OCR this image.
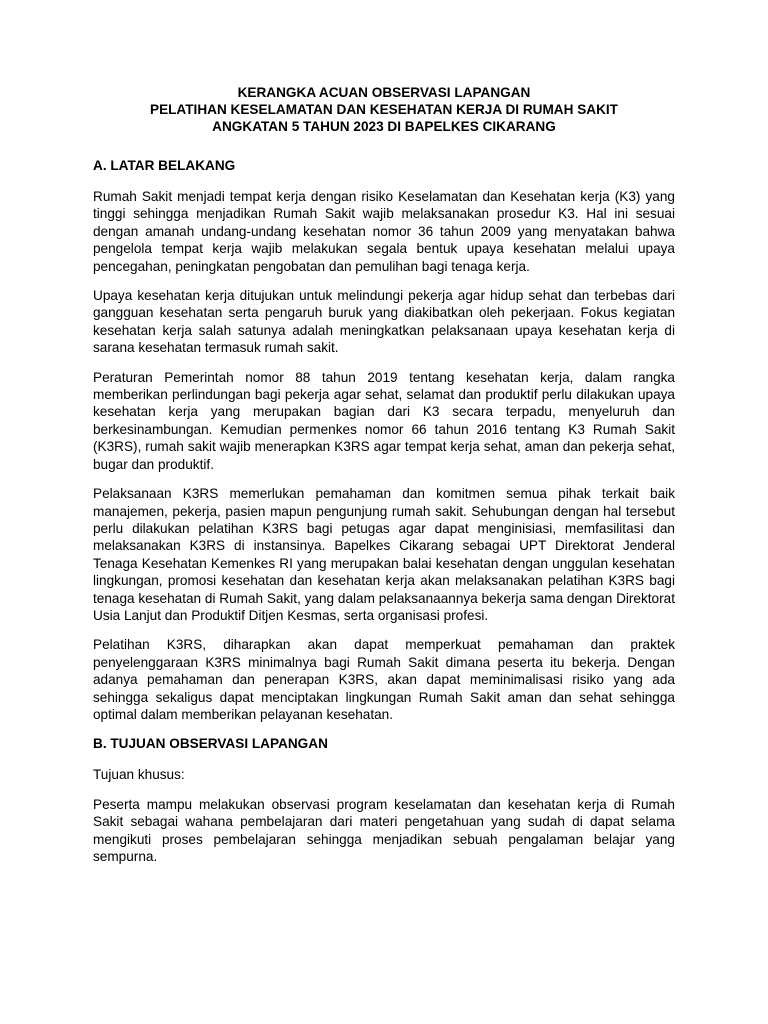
KERANGKA ACUAN OBSERVASI LAPANGAN
PELATIHAN KESELAMATAN DAN KESEHATAN KERJA DI RUMAH SAKIT
ANGKATAN 5 TAHUN 2023 DI BAPELKES CIKARANG
A. LATAR BELAKANG

Rumah Sakit menjadi tempat kerja dengan risiko Keselamatan dan Kesehatan kerja (K3) yang tinggi sehingga menjadikan Rumah Sakit wajib melaksanakan prosedur K3. Hal ini sesuai dengan amanah undang-undang kesehatan nomor 36 tahun 2009 yang menyatakan bahwa pengelola tempat kerja wajib melakukan segala bentuk upaya kesehatan melalui upaya pencegahan, peningkatan pengobatan dan pemulihan bagi tenaga kerja.

Upaya kesehatan kerja ditujukan untuk melindungi pekerja agar hidup sehat dan terbebas dari gangguan kesehatan serta pengaruh buruk yang diakibatkan oleh pekerjaan. Fokus kegiatan kesehatan kerja salah satunya adalah meningkatkan pelaksanaan upaya kesehatan kerja di sarana kesehatan termasuk rumah sakit.

Peraturan Pemerintah nomor 88 tahun 2019 tentang kesehatan kerja, dalam rangka memberikan perlindungan bagi pekerja agar sehat, selamat dan produktif perlu dilakukan upaya kesehatan kerja yang merupakan bagian dari K3 secara terpadu, menyeluruh dan berkesinambungan. Kemudian permenkes nomor 66 tahun 2016 tentang K3 Rumah Sakit (K3RS), rumah sakit wajib menerapkan K3RS agar tempat kerja sehat, aman dan pekerja sehat, bugar dan produktif.

Pelaksanaan K3RS memerlukan pemahaman dan komitmen semua pihak terkait baik manajemen, pekerja, pasien mapun pengunjung rumah sakit. Sehubungan dengan hal tersebut perlu dilakukan pelatihan K3RS bagi petugas agar dapat menginisiasi, memfasilitasi dan melaksanakan K3RS di instansinya. Bapelkes Cikarang sebagai UPT Direktorat Jenderal Tenaga Kesehatan Kemenkes RI yang merupakan balai kesehatan dengan unggulan kesehatan lingkungan, promosi kesehatan dan kesehatan kerja akan melaksanakan pelatihan K3RS bagi tenaga kesehatan di Rumah Sakit, yang dalam pelaksanaannya bekerja sama dengan Direktorat Usia Lanjut dan Produktif Ditjen Kesmas, serta organisasi profesi.

Pelatihan K3RS, diharapkan akan dapat memperkuat pemahaman dan praktek penyelenggaraan K3RS minimalnya bagi Rumah Sakit dimana peserta itu bekerja. Dengan adanya pemahaman dan penerapan K3RS, akan dapat meminimalisasi risiko yang ada sehingga sekaligus dapat menciptakan lingkungan Rumah Sakit aman dan sehat sehingga optimal dalam memberikan pelayanan kesehatan.

B. TUJUAN OBSERVASI LAPANGAN

Tujuan khusus:

Peserta mampu melakukan observasi program keselamatan dan kesehatan kerja di Rumah Sakit sebagai wahana pembelajaran dari materi pengetahuan yang sudah di dapat selama mengikuti proses pembelajaran sehingga menjadikan sebuah pengalaman belajar yang sempurna.
